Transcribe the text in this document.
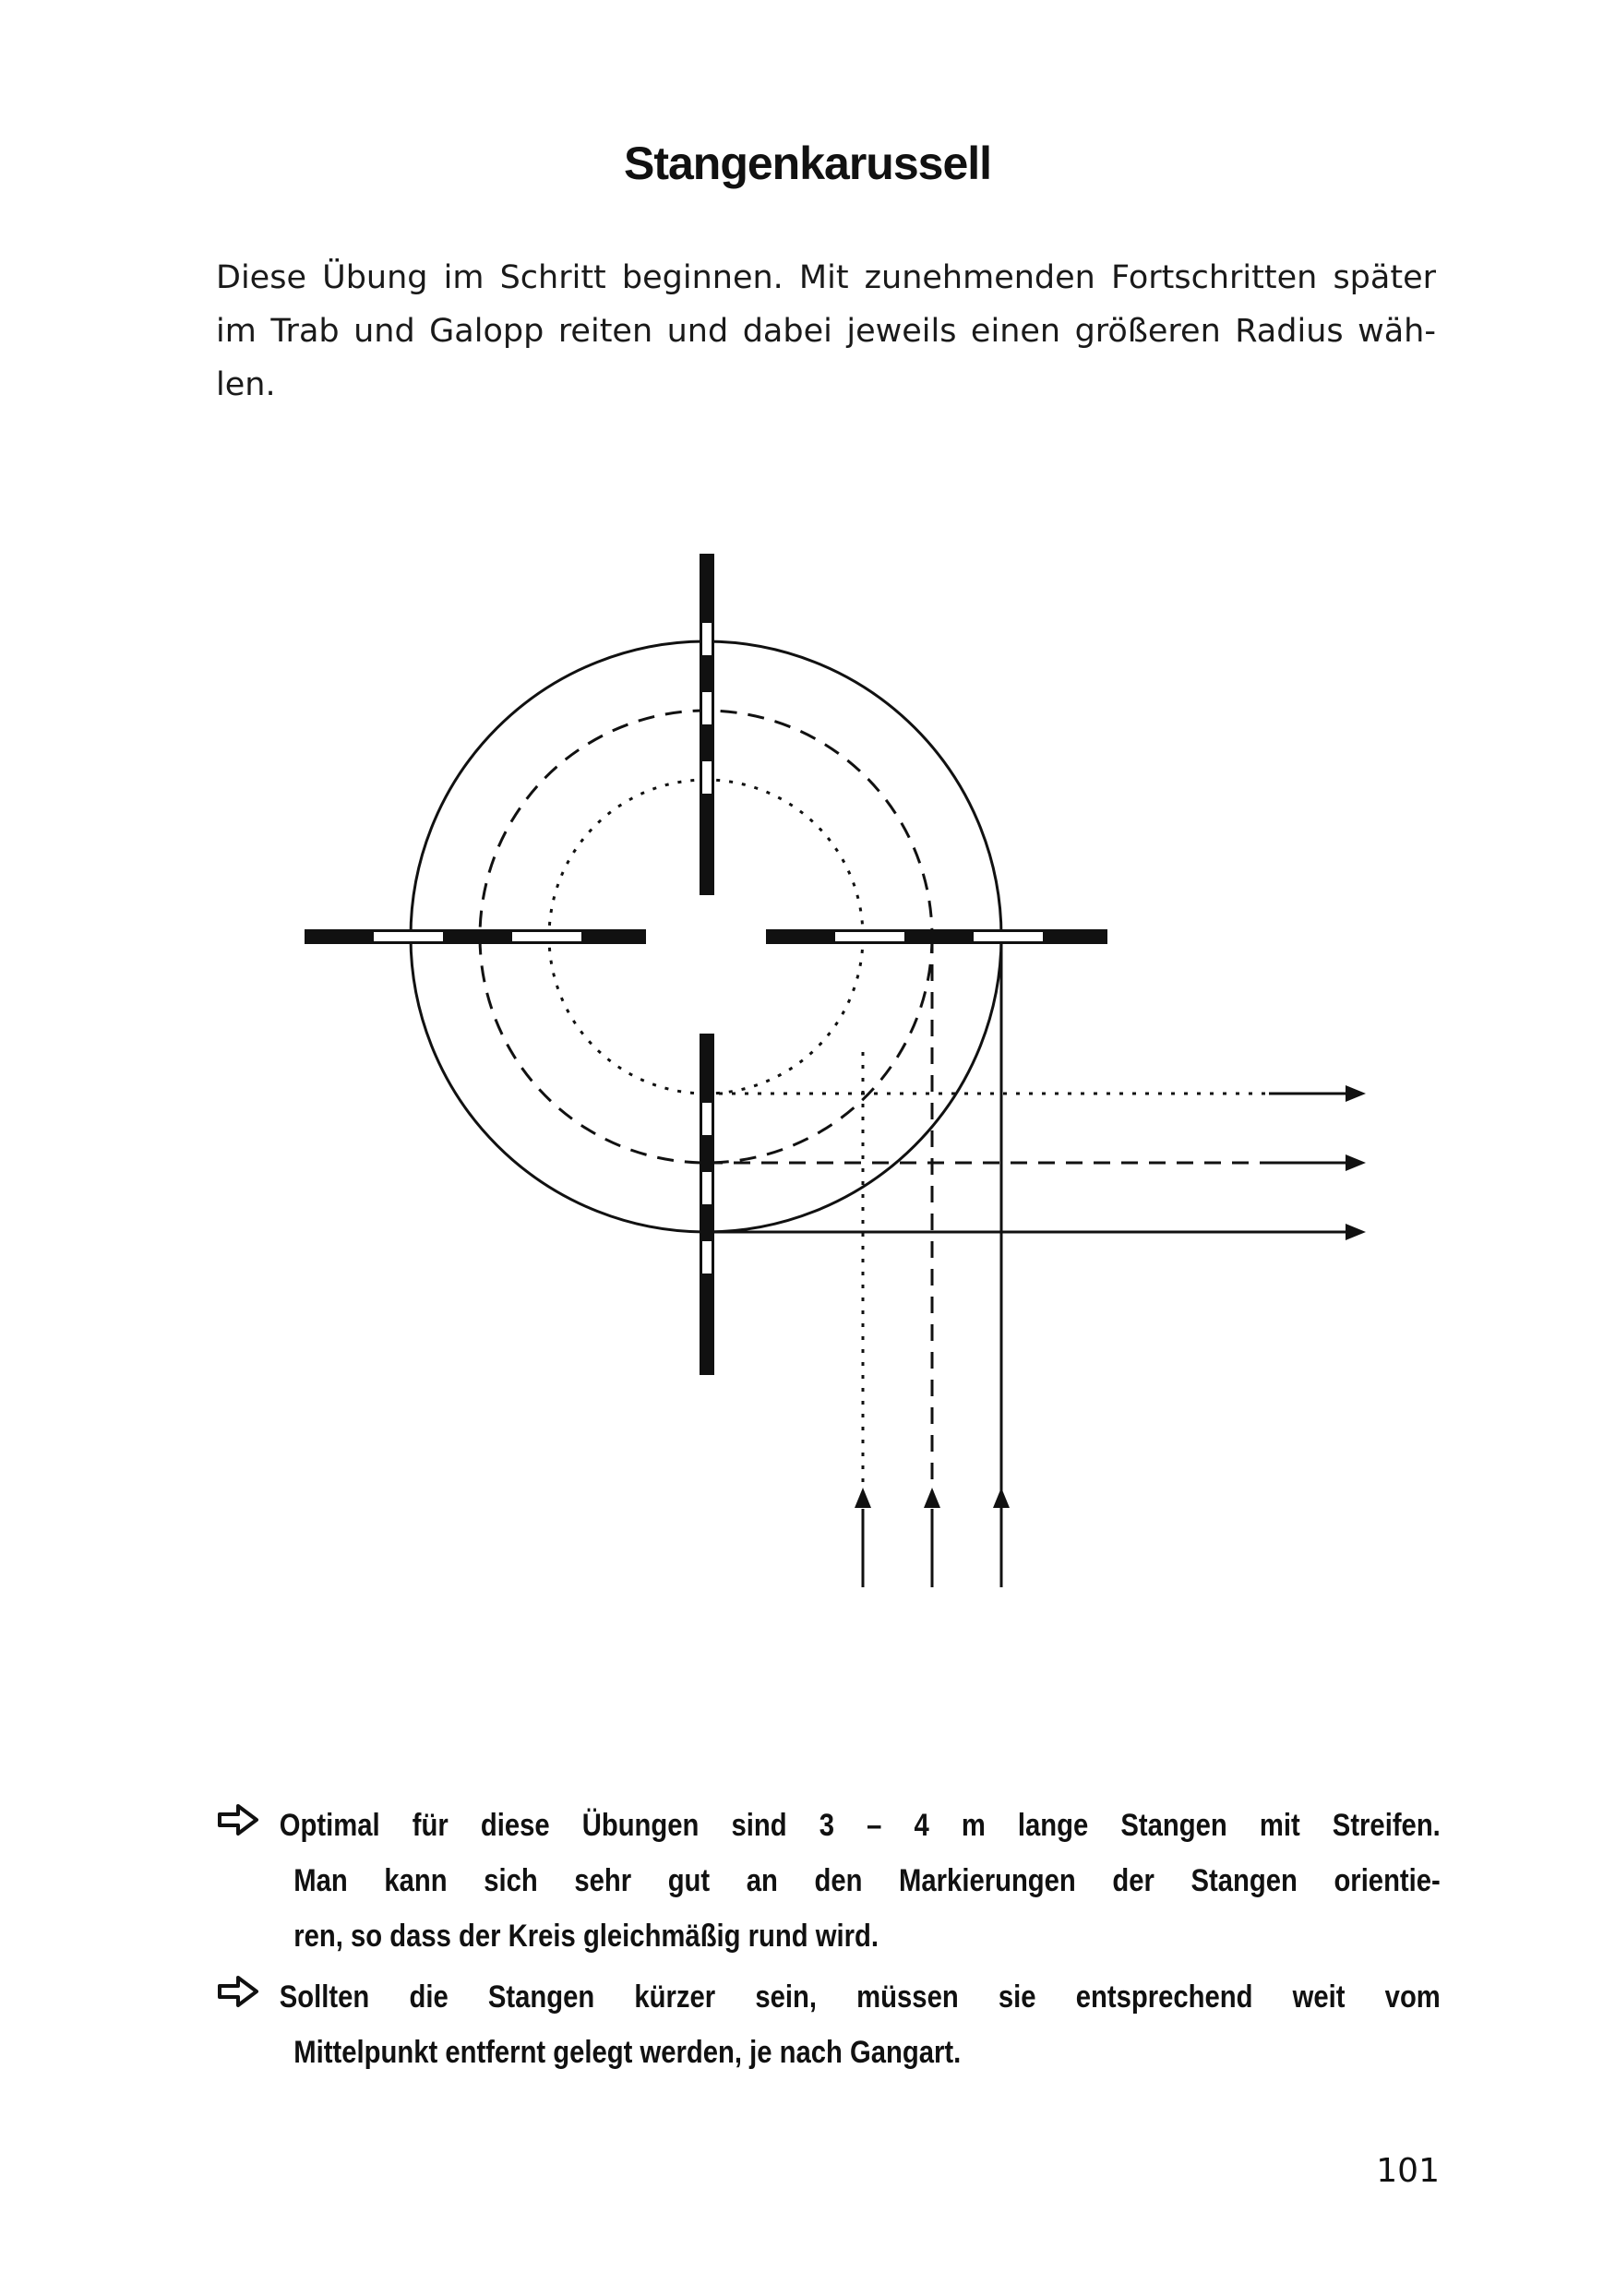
Stangenkarussell

Diese Übung im Schritt beginnen. Mit zunehmenden Fortschritten später
im Trab und Galopp reiten und dabei jeweils einen größeren Radius wäh-
len.

Optimal für diese Übungen sind 3 – 4 m lange Stangen mit Streifen.
Man kann sich sehr gut an den Markierungen der Stangen orientie-
ren, so dass der Kreis gleichmäßig rund wird.
Sollten die Stangen kürzer sein, müssen sie entsprechend weit vom
Mittelpunkt entfernt gelegt werden, je nach Gangart.
101
